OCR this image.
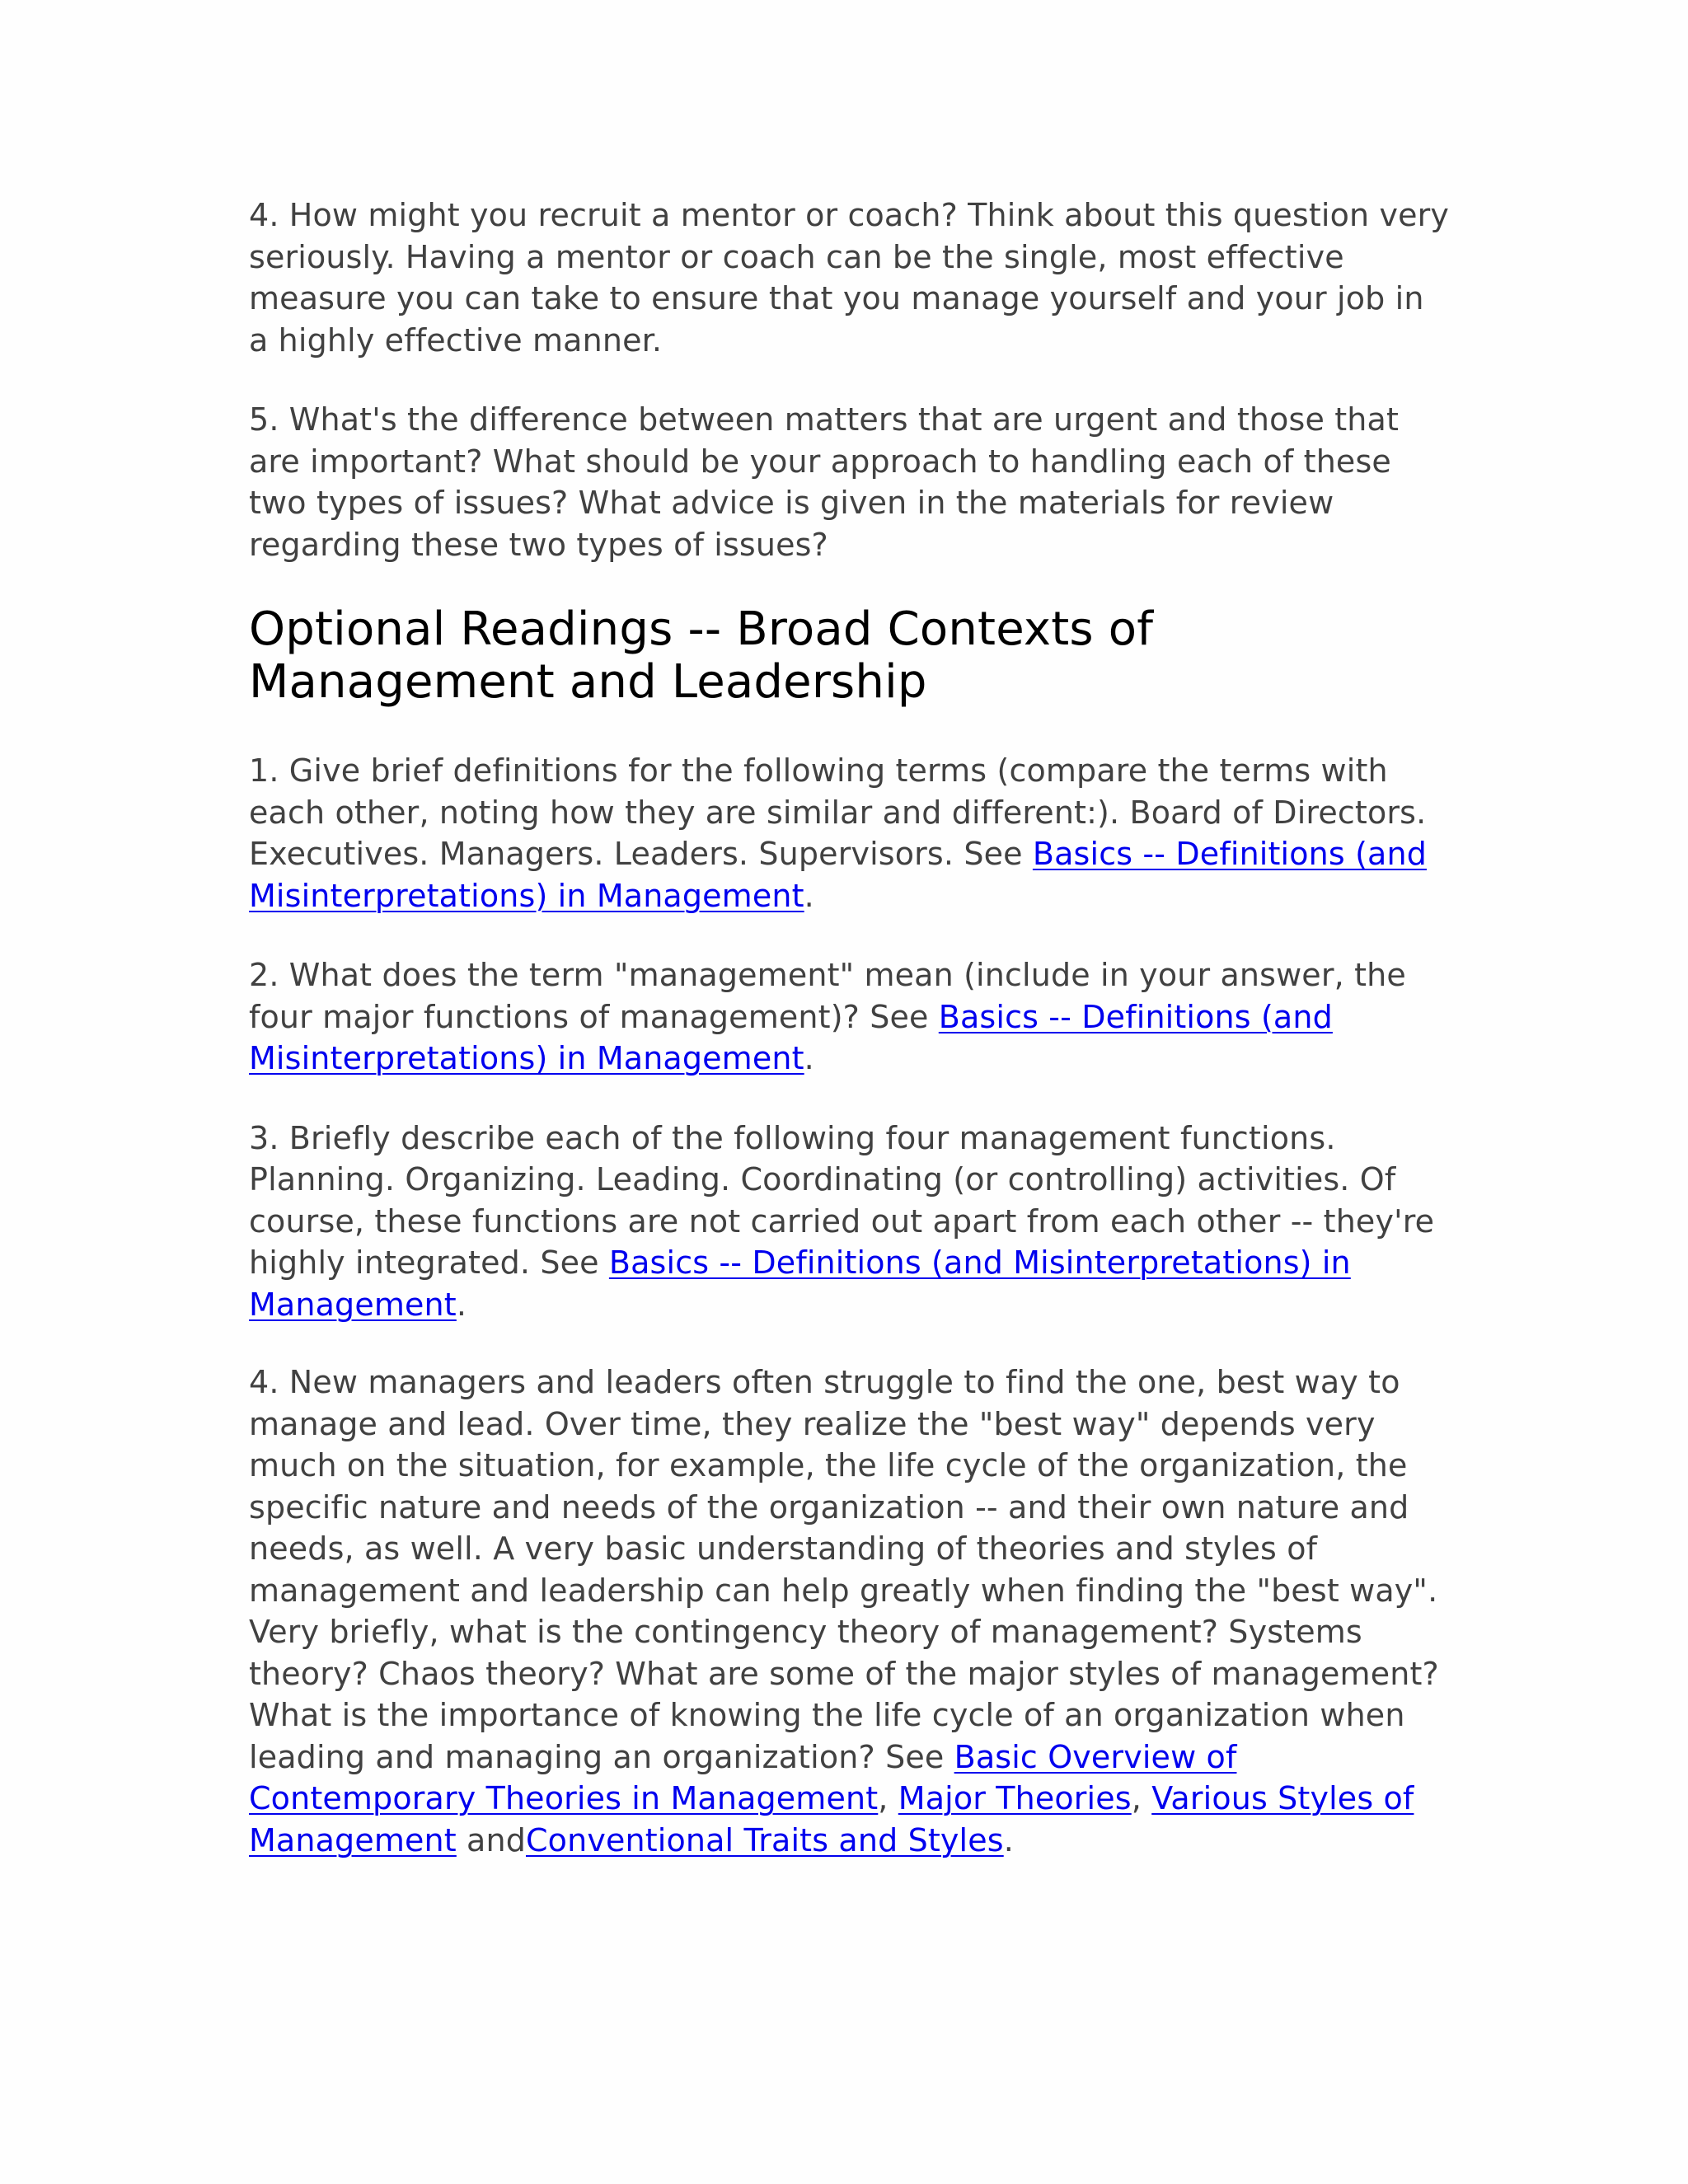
4. How might you recruit a mentor or coach? Think about this question very seriously. Having a mentor or coach can be the single, most effective measure you can take to ensure that you manage yourself and your job in a highly effective manner.

5. What's the difference between matters that are urgent and those that are important? What should be your approach to handling each of these two types of issues? What advice is given in the materials for review regarding these two types of issues?

Optional Readings -- Broad Contexts of Management and Leadership

1. Give brief definitions for the following terms (compare the terms with each other, noting how they are similar and different:). Board of Directors. Executives. Managers. Leaders. Supervisors. See Basics -- Definitions (and Misinterpretations) in Management.

2. What does the term "management" mean (include in your answer, the four major functions of management)? See Basics -- Definitions (and Misinterpretations) in Management.

3. Briefly describe each of the following four management functions. Planning. Organizing. Leading. Coordinating (or controlling) activities. Of course, these functions are not carried out apart from each other -- they're highly integrated. See Basics -- Definitions (and Misinterpretations) in Management.

4. New managers and leaders often struggle to find the one, best way to manage and lead. Over time, they realize the "best way" depends very much on the situation, for example, the life cycle of the organization, the specific nature and needs of the organization -- and their own nature and needs, as well. A very basic understanding of theories and styles of management and leadership can help greatly when finding the "best way". Very briefly, what is the contingency theory of management? Systems theory? Chaos theory? What are some of the major styles of management? What is the importance of knowing the life cycle of an organization when leading and managing an organization? See Basic Overview of Contemporary Theories in Management, Major Theories, Various Styles of Management andConventional Traits and Styles.
